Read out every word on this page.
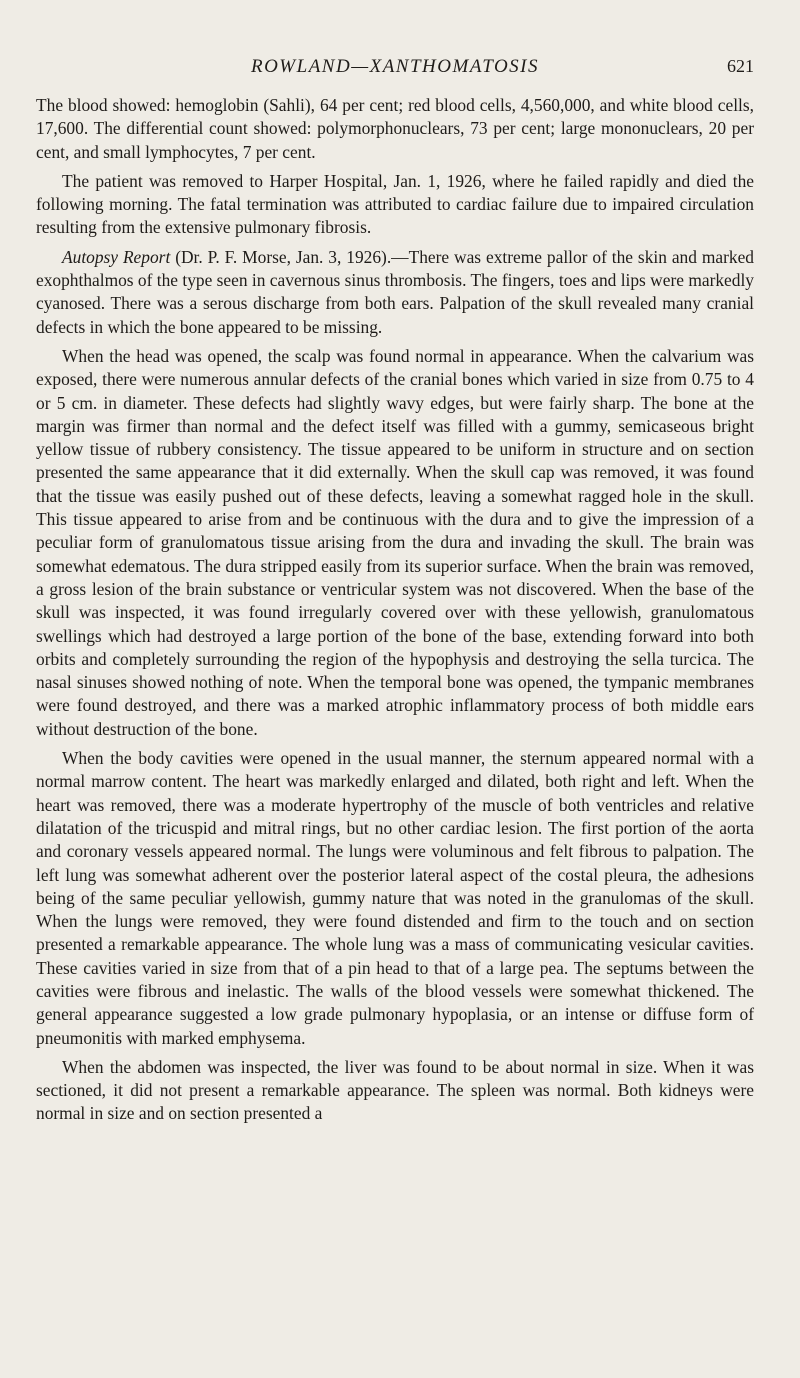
ROWLAND—XANTHOMATOSIS	621

The blood showed: hemoglobin (Sahli), 64 per cent; red blood cells, 4,560,000, and white blood cells, 17,600. The differential count showed: polymorphonuclears, 73 per cent; large mononuclears, 20 per cent, and small lymphocytes, 7 per cent.

The patient was removed to Harper Hospital, Jan. 1, 1926, where he failed rapidly and died the following morning. The fatal termination was attributed to cardiac failure due to impaired circulation resulting from the extensive pulmonary fibrosis.

Autopsy Report (Dr. P. F. Morse, Jan. 3, 1926).—There was extreme pallor of the skin and marked exophthalmos of the type seen in cavernous sinus thrombosis. The fingers, toes and lips were markedly cyanosed. There was a serous discharge from both ears. Palpation of the skull revealed many cranial defects in which the bone appeared to be missing.

When the head was opened, the scalp was found normal in appearance. When the calvarium was exposed, there were numerous annular defects of the cranial bones which varied in size from 0.75 to 4 or 5 cm. in diameter. These defects had slightly wavy edges, but were fairly sharp. The bone at the margin was firmer than normal and the defect itself was filled with a gummy, semicaseous bright yellow tissue of rubbery consistency. The tissue appeared to be uniform in structure and on section presented the same appearance that it did externally. When the skull cap was removed, it was found that the tissue was easily pushed out of these defects, leaving a somewhat ragged hole in the skull. This tissue appeared to arise from and be continuous with the dura and to give the impression of a peculiar form of granulomatous tissue arising from the dura and invading the skull. The brain was somewhat edematous. The dura stripped easily from its superior surface. When the brain was removed, a gross lesion of the brain substance or ventricular system was not discovered. When the base of the skull was inspected, it was found irregularly covered over with these yellowish, granulomatous swellings which had destroyed a large portion of the bone of the base, extending forward into both orbits and completely surrounding the region of the hypophysis and destroying the sella turcica. The nasal sinuses showed nothing of note. When the temporal bone was opened, the tympanic membranes were found destroyed, and there was a marked atrophic inflammatory process of both middle ears without destruction of the bone.

When the body cavities were opened in the usual manner, the sternum appeared normal with a normal marrow content. The heart was markedly enlarged and dilated, both right and left. When the heart was removed, there was a moderate hypertrophy of the muscle of both ventricles and relative dilatation of the tricuspid and mitral rings, but no other cardiac lesion. The first portion of the aorta and coronary vessels appeared normal. The lungs were voluminous and felt fibrous to palpation. The left lung was somewhat adherent over the posterior lateral aspect of the costal pleura, the adhesions being of the same peculiar yellowish, gummy nature that was noted in the granulomas of the skull. When the lungs were removed, they were found distended and firm to the touch and on section presented a remarkable appearance. The whole lung was a mass of communicating vesicular cavities. These cavities varied in size from that of a pin head to that of a large pea. The septums between the cavities were fibrous and inelastic. The walls of the blood vessels were somewhat thickened. The general appearance suggested a low grade pulmonary hypoplasia, or an intense or diffuse form of pneumonitis with marked emphysema.

When the abdomen was inspected, the liver was found to be about normal in size. When it was sectioned, it did not present a remarkable appearance. The spleen was normal. Both kidneys were normal in size and on section presented a
